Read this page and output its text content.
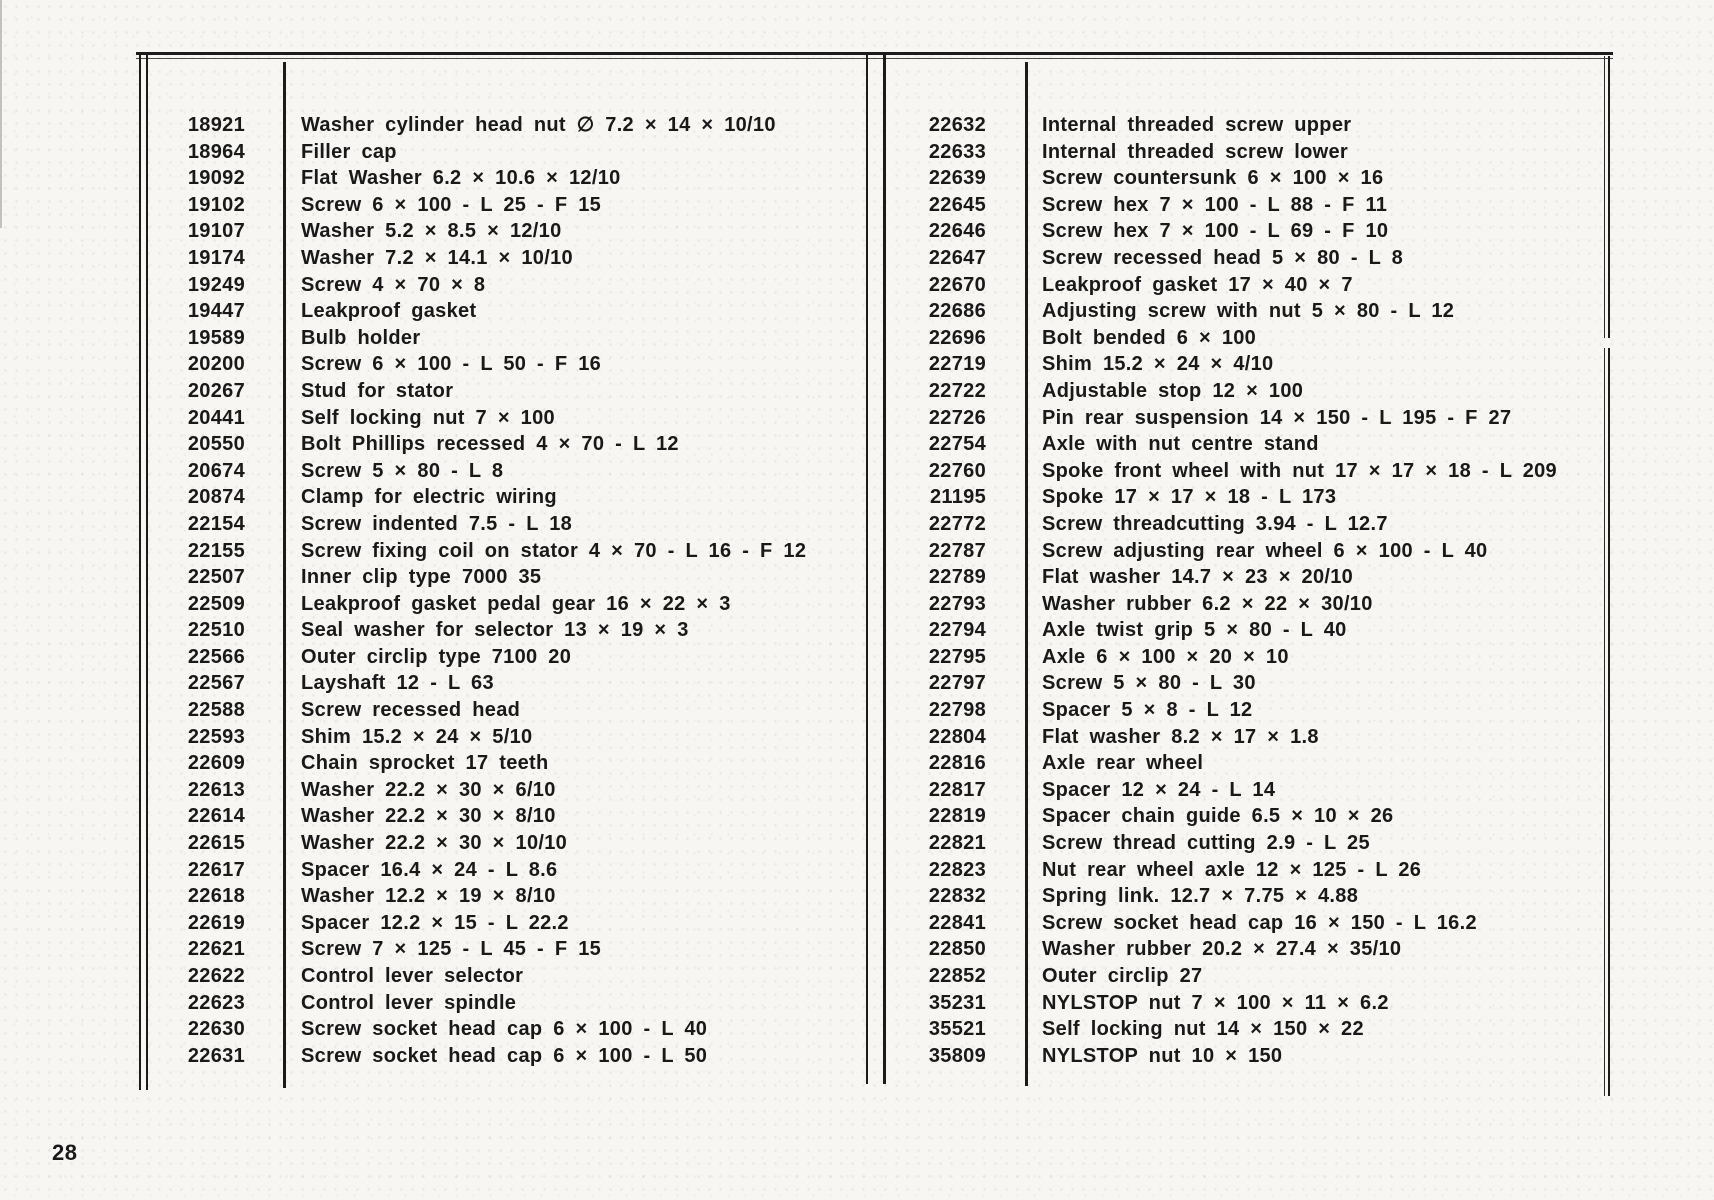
18921	Washer cylinder head nut ∅ 7.2 × 14 × 10/10
18964	Filler cap
19092	Flat Washer 6.2 × 10.6 × 12/10
19102	Screw 6 × 100 - L 25 - F 15
19107	Washer 5.2 × 8.5 × 12/10
19174	Washer 7.2 × 14.1 × 10/10
19249	Screw 4 × 70 × 8
19447	Leakproof gasket
19589	Bulb holder
20200	Screw 6 × 100 - L 50 - F 16
20267	Stud for stator
20441	Self locking nut 7 × 100
20550	Bolt Phillips recessed 4 × 70 - L 12
20674	Screw 5 × 80 - L 8
20874	Clamp for electric wiring
22154	Screw indented 7.5 - L 18
22155	Screw fixing coil on stator 4 × 70 - L 16 - F 12
22507	Inner clip type 7000 35
22509	Leakproof gasket pedal gear 16 × 22 × 3
22510	Seal washer for selector 13 × 19 × 3
22566	Outer circlip type 7100 20
22567	Layshaft 12 - L 63
22588	Screw recessed head
22593	Shim 15.2 × 24 × 5/10
22609	Chain sprocket 17 teeth
22613	Washer 22.2 × 30 × 6/10
22614	Washer 22.2 × 30 × 8/10
22615	Washer 22.2 × 30 × 10/10
22617	Spacer 16.4 × 24 - L 8.6
22618	Washer 12.2 × 19 × 8/10
22619	Spacer 12.2 × 15 - L 22.2
22621	Screw 7 × 125 - L 45 - F 15
22622	Control lever selector
22623	Control lever spindle
22630	Screw socket head cap 6 × 100 - L 40
22631	Screw socket head cap 6 × 100 - L 50
22632	Internal threaded screw upper
22633	Internal threaded screw lower
22639	Screw countersunk 6 × 100 × 16
22645	Screw hex 7 × 100 - L 88 - F 11
22646	Screw hex 7 × 100 - L 69 - F 10
22647	Screw recessed head 5 × 80 - L 8
22670	Leakproof gasket 17 × 40 × 7
22686	Adjusting screw with nut 5 × 80 - L 12
22696	Bolt bended 6 × 100
22719	Shim 15.2 × 24 × 4/10
22722	Adjustable stop 12 × 100
22726	Pin rear suspension 14 × 150 - L 195 - F 27
22754	Axle with nut centre stand
22760	Spoke front wheel with nut 17 × 17 × 18 - L 209
21195	Spoke 17 × 17 × 18 - L 173
22772	Screw threadcutting 3.94 - L 12.7
22787	Screw adjusting rear wheel 6 × 100 - L 40
22789	Flat washer 14.7 × 23 × 20/10
22793	Washer rubber 6.2 × 22 × 30/10
22794	Axle twist grip 5 × 80 - L 40
22795	Axle 6 × 100 × 20 × 10
22797	Screw 5 × 80 - L 30
22798	Spacer 5 × 8 - L 12
22804	Flat washer 8.2 × 17 × 1.8
22816	Axle rear wheel
22817	Spacer 12 × 24 - L 14
22819	Spacer chain guide 6.5 × 10 × 26
22821	Screw thread cutting 2.9 - L 25
22823	Nut rear wheel axle 12 × 125 - L 26
22832	Spring link. 12.7 × 7.75 × 4.88
22841	Screw socket head cap 16 × 150 - L 16.2
22850	Washer rubber 20.2 × 27.4 × 35/10
22852	Outer circlip 27
35231	NYLSTOP nut 7 × 100 × 11 × 6.2
35521	Self locking nut 14 × 150 × 22
35809	NYLSTOP nut 10 × 150
28
